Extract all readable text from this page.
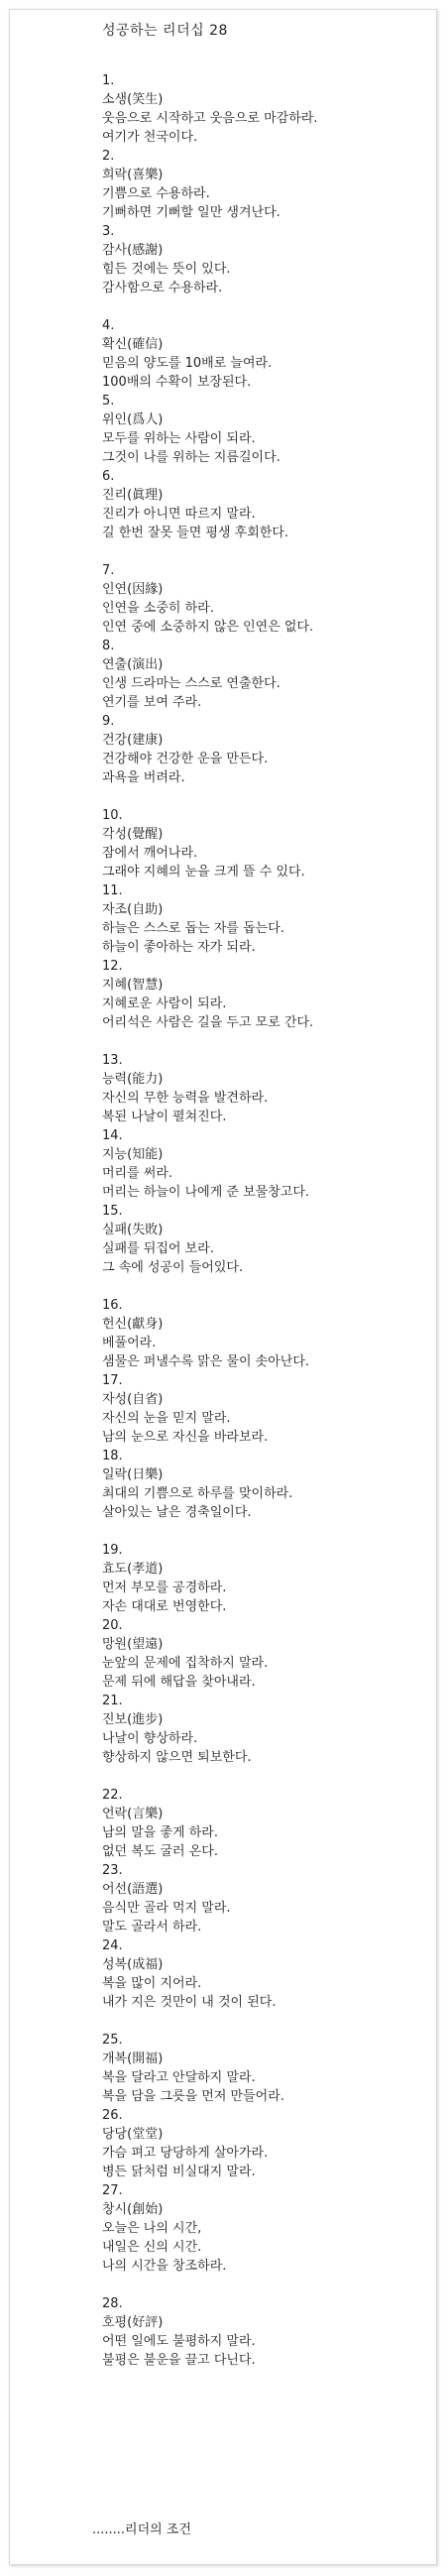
성공하는 리더십 28
1.
소생(笑生)
웃음으로 시작하고 웃음으로 마감하라.
여기가 천국이다.
2.
희락(喜樂)
기쁨으로 수용하라.
기뻐하면 기뻐할 일만 생겨난다.
3.
감사(感謝)
힘든 것에는 뜻이 있다.
감사함으로 수용하라.
4.
확신(確信)
믿음의 양도를 10배로 늘여라.
100배의 수확이 보장된다.
5.
위인(爲人)
모두를 위하는 사람이 되라.
그것이 나를 위하는 지름길이다.
6.
진리(眞理)
진리가 아니면 따르지 말라.
길 한번 잘못 들면 평생 후회한다.
7.
인연(因緣)
인연을 소중히 하라.
인연 중에 소중하지 않은 인연은 없다.
8.
연출(演出)
인생 드라마는 스스로 연출한다.
연기를 보여 주라.
9.
건강(建康)
건강해야 건강한 운을 만든다.
과욕을 버려라.
10.
각성(覺醒)
잠에서 깨어나라.
그래야 지혜의 눈을 크게 뜰 수 있다.
11.
자조(自助)
하늘은 스스로 돕는 자를 돕는다.
하늘이 좋아하는 자가 되라.
12.
지혜(智慧)
지혜로운 사람이 되라.
어리석은 사람은 길을 두고 모로 간다.
13.
능력(能力)
자신의 무한 능력을 발견하라.
복된 나날이 펼쳐진다.
14.
지능(知能)
머리를 써라.
머리는 하늘이 나에게 준 보물창고다.
15.
실패(失敗)
실패를 뒤집어 보라.
그 속에 성공이 들어있다.
16.
헌신(獻身)
베풀어라.
샘물은 퍼낼수록 맑은 물이 솟아난다.
17.
자성(自省)
자신의 눈을 믿지 말라.
남의 눈으로 자신을 바라보라.
18.
일락(日樂)
최대의 기쁨으로 하루를 맞이하라.
살아있는 날은 경축일이다.
19.
효도(孝道)
먼저 부모를 공경하라.
자손 대대로 번영한다.
20.
망원(望遠)
눈앞의 문제에 집착하지 말라.
문제 뒤에 해답을 찾아내라.
21.
진보(進步)
나날이 향상하라.
향상하지 않으면 퇴보한다.
22.
언락(言樂)
남의 말을 좋게 하라.
없던 복도 굴러 온다.
23.
어선(語選)
음식만 골라 먹지 말라.
말도 골라서 하라.
24.
성복(成福)
복을 많이 지어라.
내가 지은 것만이 내 것이 된다.
25.
개복(開福)
복을 달라고 안달하지 말라.
복을 담을 그릇을 먼저 만들어라.
26.
당당(堂堂)
가슴 펴고 당당하게 살아가라.
병든 닭처럼 비실대지 말라.
27.
창시(創始)
오늘은 나의 시간,
내일은 신의 시간.
나의 시간을 창조하라.
28.
호평(好評)
어떤 일에도 불평하지 말라.
불평은 불운을 끌고 다닌다.
........리더의 조건
